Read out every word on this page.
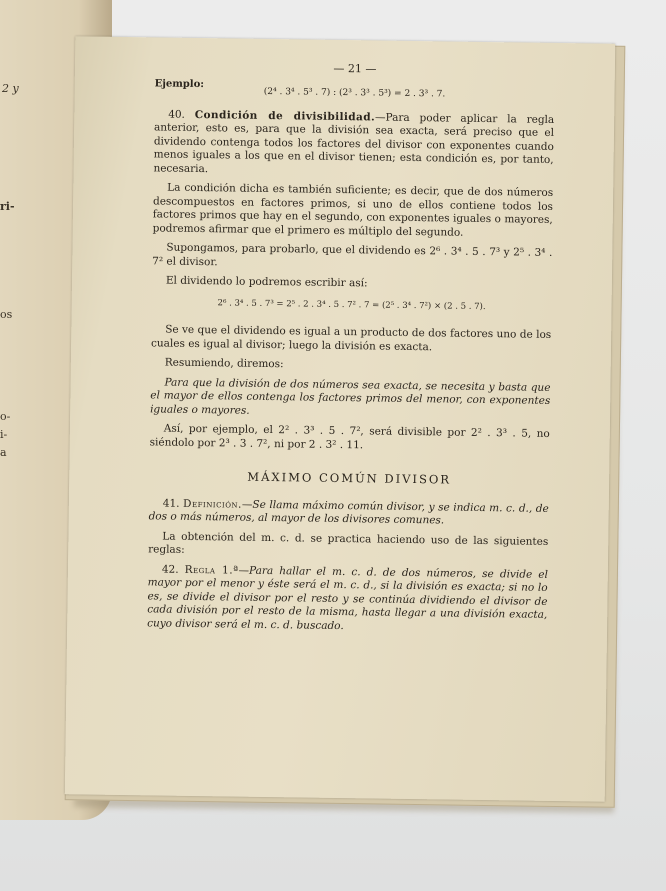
2 y
ri-
os
o-
i-
a
— 21 —
Ejemplo:
(2⁴ . 3⁴ . 5³ . 7) : (2³ . 3³ . 5³) = 2 . 3³ . 7.

40. Condición de divisibilidad.—Para poder aplicar la regla anterior, esto es, para que la división sea exacta, será preciso que el dividendo contenga todos los factores del divisor con exponentes cuando menos iguales a los que en el divisor tienen; esta condición es, por tanto, necesaria.

La condición dicha es también suficiente; es decir, que de dos números descompuestos en factores primos, si uno de ellos contiene todos los factores primos que hay en el segundo, con exponentes iguales o mayores, podremos afirmar que el primero es múltiplo del segundo.

Supongamos, para probarlo, que el dividendo es 2⁶ . 3⁴ . 5 . 7³ y 2⁵ . 3⁴ . 7² el divisor.

El dividendo lo podremos escribir así:

2⁶ . 3⁴ . 5 . 7³ = 2⁵ . 2 . 3⁴ . 5 . 7² . 7 = (2⁵ . 3⁴ . 7²) × (2 . 5 . 7).

Se ve que el dividendo es igual a un producto de dos factores uno de los cuales es igual al divisor; luego la división es exacta.

Resumiendo, diremos:

Para que la división de dos números sea exacta, se necesita y basta que el mayor de ellos contenga los factores primos del menor, con exponentes iguales o mayores.

Así, por ejemplo, el 2² . 3³ . 5 . 7², será divisible por 2² . 3³ . 5, no siéndolo por 2³ . 3 . 7², ni por 2 . 3² . 11.

MÁXIMO COMÚN DIVISOR

41. Definición.—Se llama máximo común divisor, y se indica m. c. d., de dos o más números, al mayor de los divisores comunes.

La obtención del m. c. d. se practica haciendo uso de las siguientes reglas:

42. Regla 1.ª—Para hallar el m. c. d. de dos números, se divide el mayor por el menor y éste será el m. c. d., si la división es exacta; si no lo es, se divide el divisor por el resto y se continúa dividiendo el divisor de cada división por el resto de la misma, hasta llegar a una división exacta, cuyo divisor será el m. c. d. buscado.
